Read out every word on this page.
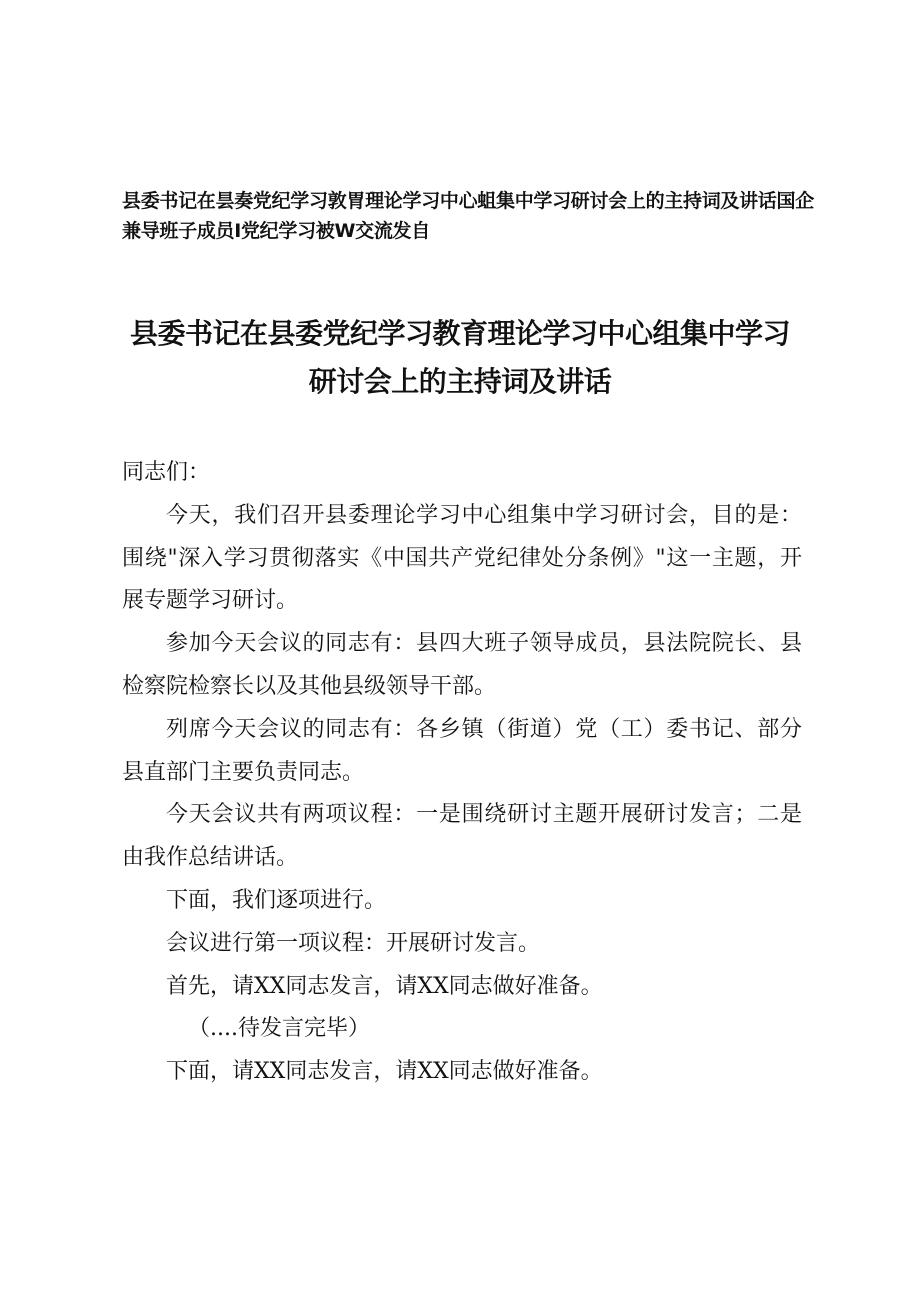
县委书记在昙奏党纪学习敦胃理论学习中心蛆集中学习研讨会上的主持词及讲话国企
兼导班子成员I党纪学习被W交流发自
县委书记在县委党纪学习教育理论学习中心组集中学习
研讨会上的主持词及讲话

同志们：

今天，我们召开县委理论学习中心组集中学习研讨会，目的是：围绕"深入学习贯彻落实《中国共产党纪律处分条例》"这一主题，开展专题学习研讨。

参加今天会议的同志有：县四大班子领导成员，县法院院长、县检察院检察长以及其他县级领导干部。

列席今天会议的同志有：各乡镇（街道）党（工）委书记、部分县直部门主要负责同志。

今天会议共有两项议程：一是围绕研讨主题开展研讨发言；二是由我作总结讲话。

下面，我们逐项进行。

会议进行第一项议程：开展研讨发言。

首先，请XX同志发言，请XX同志做好准备。

（....待发言完毕）

下面，请XX同志发言，请XX同志做好准备。
